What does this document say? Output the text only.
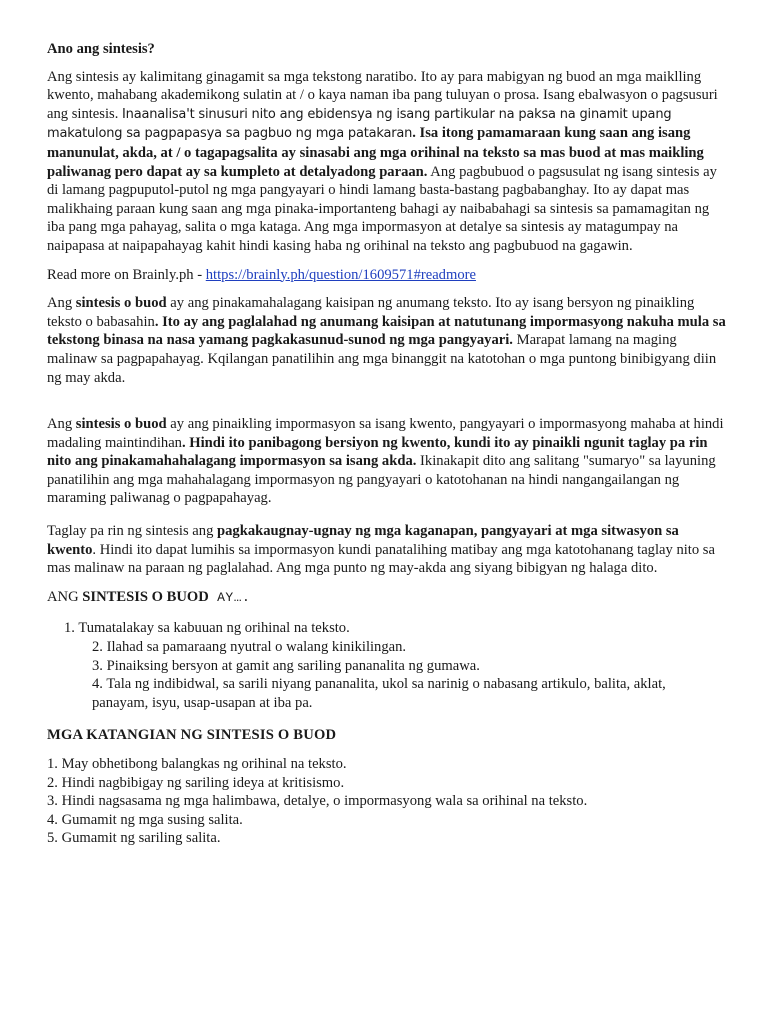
Ano ang sintesis?

Ang sintesis ay kalimitang ginagamit sa mga tekstong naratibo. Ito ay para mabigyan ng buod an mga maiklling kwento, mahabang akademikong sulatin at / o kaya naman iba pang tuluyan o prosa. Isang ebalwasyon o pagsusuri ang sintesis. Inaanalisa't sinusuri nito ang ebidensya ng isang partikular na paksa na ginamit upang makatulong sa pagpapasya sa pagbuo ng mga patakaran. Isa itong pamamaraan kung saan ang isang manunulat, akda, at / o tagapagsalita ay sinasabi ang mga orihinal na teksto sa mas buod at mas maikling paliwanag pero dapat ay sa kumpleto at detalyadong paraan. Ang pagbubuod o pagsusulat ng isang sintesis ay di lamang pagpuputol-putol ng mga pangyayari o hindi lamang basta-bastang pagbabanghay. Ito ay dapat mas malikhaing paraan kung saan ang mga pinaka-importanteng bahagi ay naibabahagi sa sintesis sa pamamagitan ng iba pang mga pahayag, salita o mga kataga. Ang mga impormasyon at detalye sa sintesis ay matagumpay na naipapasa at naipapahayag kahit hindi kasing haba ng orihinal na teksto ang pagbubuod na gagawin.

Read more on Brainly.ph - https://brainly.ph/question/1609571#readmore

Ang sintesis o buod ay ang pinakamahalagang kaisipan ng anumang teksto. Ito ay isang bersyon ng pinaikling teksto o babasahin. Ito ay ang paglalahad ng anumang kaisipan at natutunang impormasyong nakuha mula sa tekstong binasa na nasa yamang pagkakasunud-sunod ng mga pangyayari. Marapat lamang na maging malinaw sa pagpapahayag. Kqilangan panatilihin ang mga binanggit na katotohan o mga puntong binibigyang diin ng may akda.

Ang sintesis o buod ay ang pinaikling impormasyon sa isang kwento, pangyayari o impormasyong mahaba at hindi madaling maintindihan. Hindi ito panibagong bersiyon ng kwento, kundi ito ay pinaikli ngunit taglay pa rin nito ang pinakamahahalagang impormasyon sa isang akda. Ikinakapit dito ang salitang "sumaryo" sa layuning panatilihin ang mga mahahalagang impormasyon ng pangyayari o katotohanan na hindi nangangailangan ng maraming paliwanag o pagpapahayag.

Taglay pa rin ng sintesis ang pagkakaugnay-ugnay ng mga kaganapan, pangyayari at mga sitwasyon sa kwento. Hindi ito dapat lumihis sa impormasyon kundi panatalihing matibay ang mga katotohanang taglay nito sa mas malinaw na paraan ng paglalahad. Ang mga punto ng may-akda ang siyang bibigyan ng halaga dito.

ANG SINTESIS O BUOD AY….

1. Tumatalakay sa kabuuan ng orihinal na teksto.
2. Ilahad sa pamaraang nyutral o walang kinikilingan.
3. Pinaiksing bersyon at gamit ang sariling pananalita ng gumawa.
4. Tala ng indibidwal, sa sarili niyang pananalita, ukol sa narinig o nabasang artikulo, balita, aklat,
panayam, isyu, usap-usapan at iba pa.

MGA KATANGIAN NG SINTESIS O BUOD

1. May obhetibong balangkas ng orihinal na teksto.
2. Hindi nagbibigay ng sariling ideya at kritisismo.
3. Hindi nagsasama ng mga halimbawa, detalye, o impormasyong wala sa orihinal na teksto.
4. Gumamit ng mga susing salita.
5. Gumamit ng sariling salita.
